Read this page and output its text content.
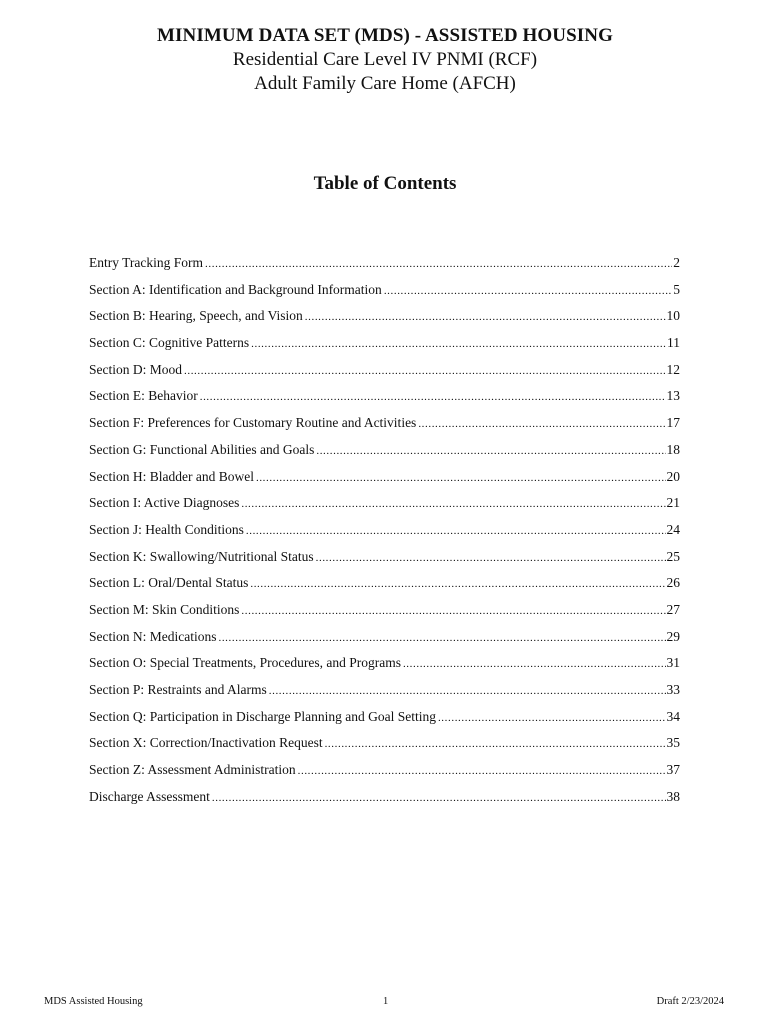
MINIMUM DATA SET (MDS) - ASSISTED HOUSING
Residential Care Level IV PNMI (RCF)
Adult Family Care Home (AFCH)
Table of Contents
Entry Tracking Form .....	2
Section A: Identification and Background Information .....	5
Section B: Hearing, Speech, and Vision .....	10
Section C: Cognitive Patterns .....	11
Section D: Mood .....	12
Section E: Behavior .....	13
Section F: Preferences for Customary Routine and Activities .....	17
Section G: Functional Abilities and Goals .....	18
Section H: Bladder and Bowel .....	20
Section I: Active Diagnoses .....	21
Section J: Health Conditions .....	24
Section K: Swallowing/Nutritional Status .....	25
Section L: Oral/Dental Status .....	26
Section M: Skin Conditions .....	27
Section N: Medications .....	29
Section O: Special Treatments, Procedures, and Programs .....	31
Section P: Restraints and Alarms .....	33
Section Q: Participation in Discharge Planning and Goal Setting .....	34
Section X: Correction/Inactivation Request .....	35
Section Z: Assessment Administration .....	37
Discharge Assessment .....	38
MDS Assisted Housing	1	Draft 2/23/2024
